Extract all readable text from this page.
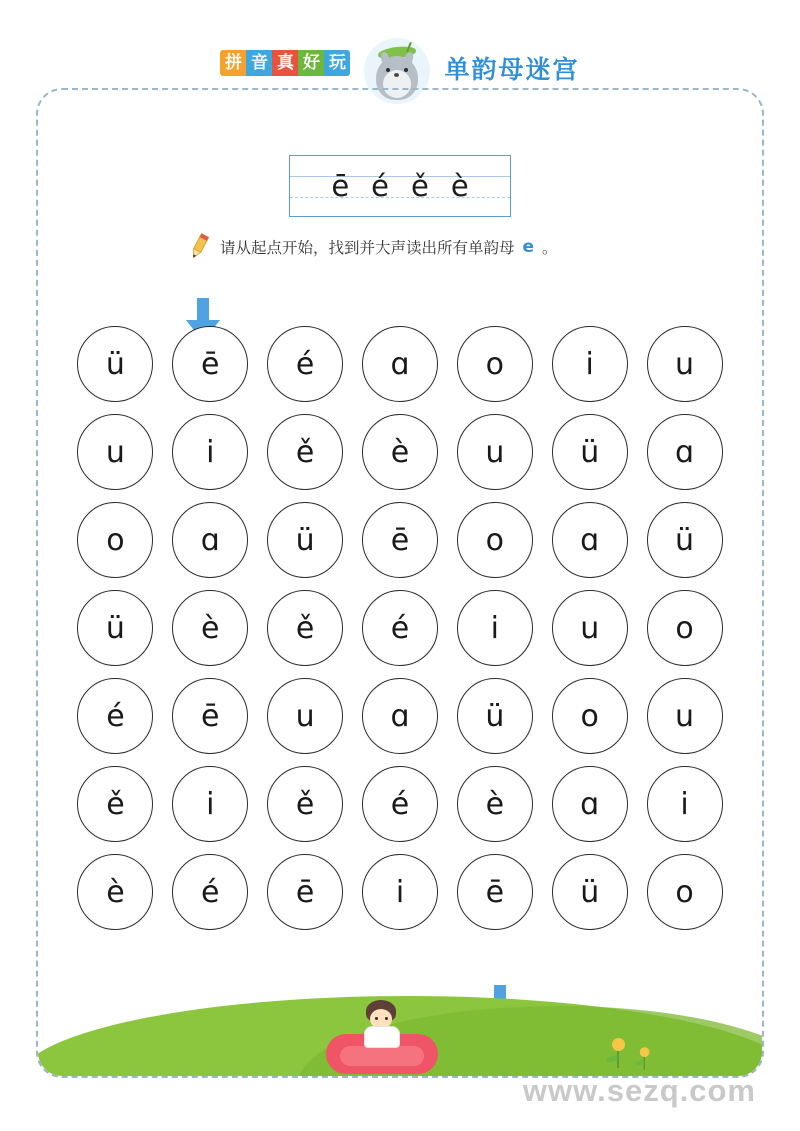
拼 音 真 好 玩	单韵母迷宫
ē é ě è
请从起点开始，找到并大声读出所有单韵母 e 。
ü	ē	é	ɑ	o	i	u
u	i	ě	è	u	ü	ɑ
o	ɑ	ü	ē	o	ɑ	ü
ü	è	ě	é	i	u	o
é	ē	u	ɑ	ü	o	u
ě	i	ě	é	è	ɑ	i
è	é	ē	i	ē	ü	o
www.sezq.com
